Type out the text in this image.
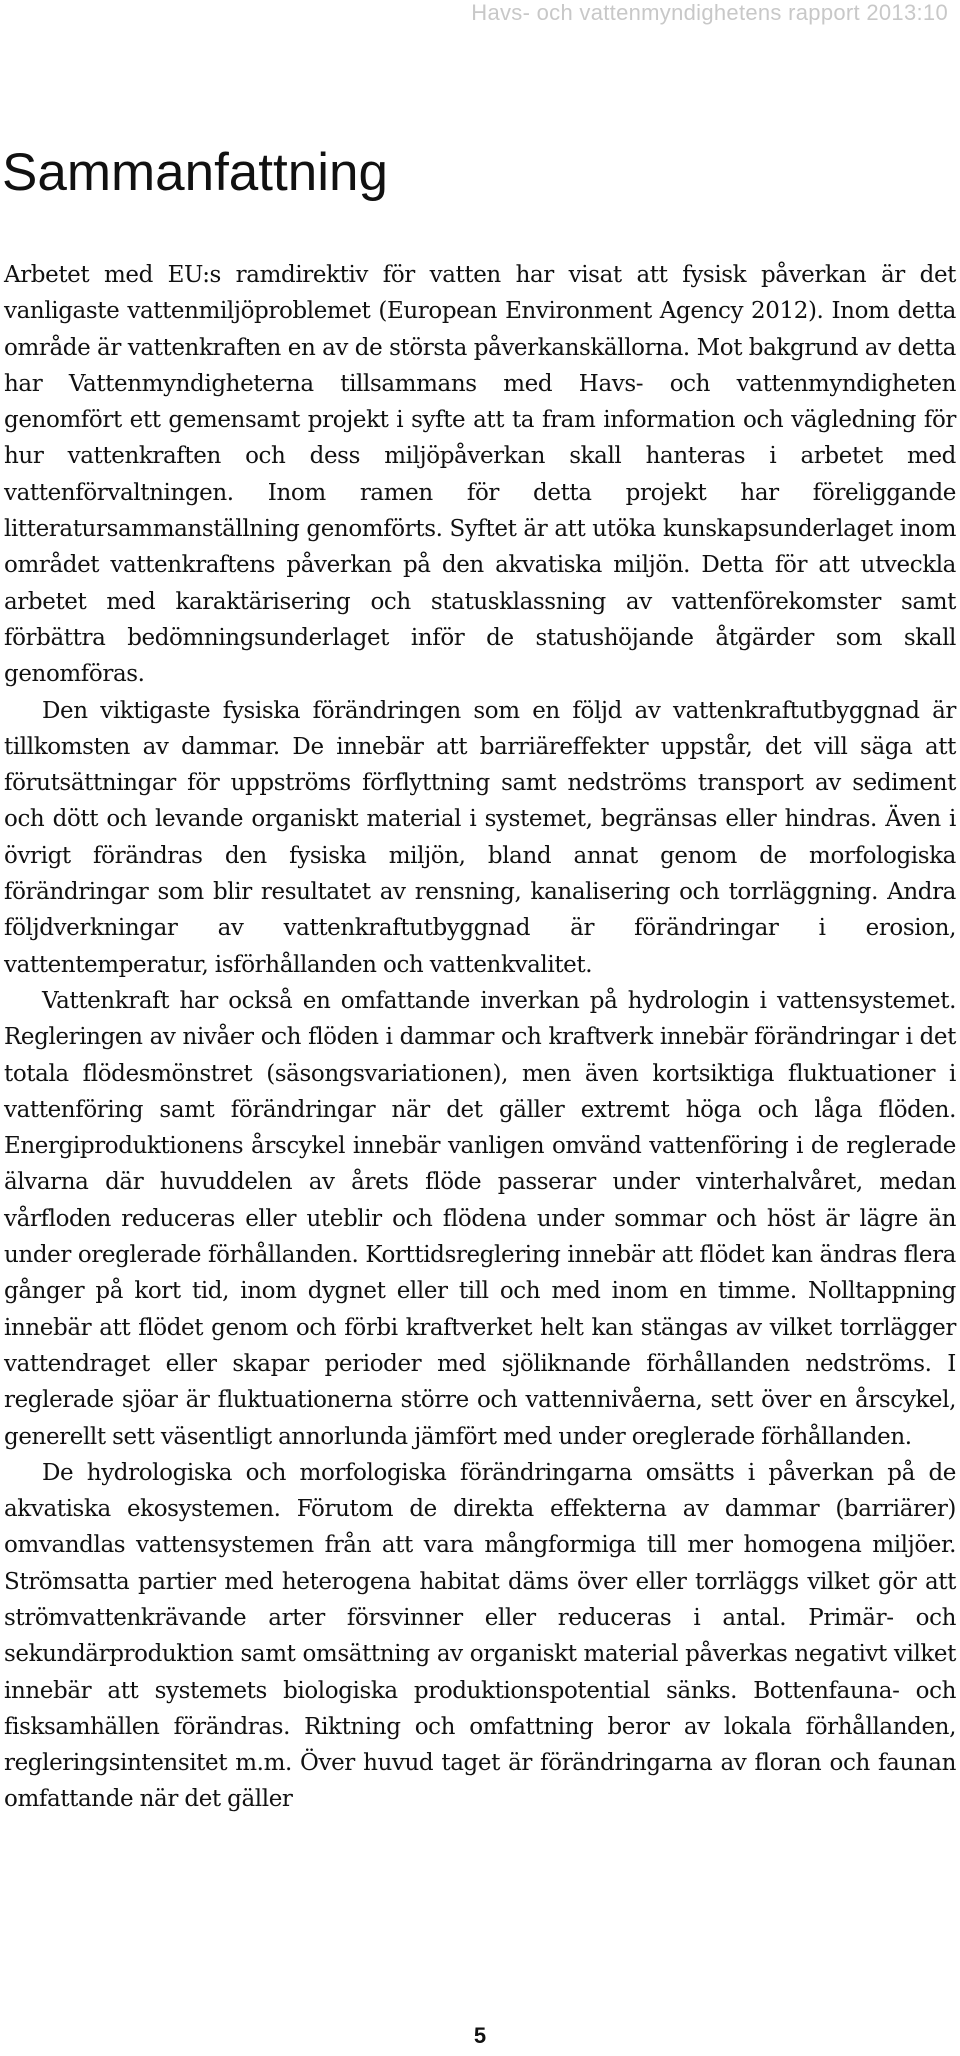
Havs- och vattenmyndighetens rapport 2013:10
Sammanfattning

Arbetet med EU:s ramdirektiv för vatten har visat att fysisk påverkan är det vanligaste vattenmiljöproblemet (European Environment Agency 2012). Inom detta område är vattenkraften en av de största påverkanskällorna. Mot bakgrund av detta har Vattenmyndigheterna tillsammans med Havs- och vattenmyndigheten genomfört ett gemensamt projekt i syfte att ta fram information och vägledning för hur vattenkraften och dess miljöpåverkan skall hanteras i arbetet med vattenförvaltningen. Inom ramen för detta projekt har föreliggande litteratursammanställning genomförts. Syftet är att utöka kunskapsunderlaget inom området vattenkraftens påverkan på den akvatiska miljön. Detta för att utveckla arbetet med karaktärisering och statusklassning av vattenförekomster samt förbättra bedömningsunderlaget inför de statushöjande åtgärder som skall genomföras.

Den viktigaste fysiska förändringen som en följd av vattenkraftutbyggnad är tillkomsten av dammar. De innebär att barriäreffekter uppstår, det vill säga att förutsättningar för uppströms förflyttning samt nedströms transport av sediment och dött och levande organiskt material i systemet, begränsas eller hindras. Även i övrigt förändras den fysiska miljön, bland annat genom de morfologiska förändringar som blir resultatet av rensning, kanalisering och torrläggning. Andra följdverkningar av vattenkraftutbyggnad är förändringar i erosion, vattentemperatur, isförhållanden och vattenkvalitet.

Vattenkraft har också en omfattande inverkan på hydrologin i vattensystemet. Regleringen av nivåer och flöden i dammar och kraftverk innebär förändringar i det totala flödesmönstret (säsongsvariationen), men även kortsiktiga fluktuationer i vattenföring samt förändringar när det gäller extremt höga och låga flöden. Energiproduktionens årscykel innebär vanligen omvänd vattenföring i de reglerade älvarna där huvuddelen av årets flöde passerar under vinterhalvåret, medan vårfloden reduceras eller uteblir och flödena under sommar och höst är lägre än under oreglerade förhållanden. Korttidsreglering innebär att flödet kan ändras flera gånger på kort tid, inom dygnet eller till och med inom en timme. Nolltappning innebär att flödet genom och förbi kraftverket helt kan stängas av vilket torrlägger vattendraget eller skapar perioder med sjöliknande förhållanden nedströms. I reglerade sjöar är fluktuationerna större och vattennivåerna, sett över en årscykel, generellt sett väsentligt annorlunda jämfört med under oreglerade förhållanden.

De hydrologiska och morfologiska förändringarna omsätts i påverkan på de akvatiska ekosystemen. Förutom de direkta effekterna av dammar (barriärer) omvandlas vattensystemen från att vara mångformiga till mer homogena miljöer. Strömsatta partier med heterogena habitat däms över eller torrläggs vilket gör att strömvattenkrävande arter försvinner eller reduceras i antal. Primär- och sekundärproduktion samt omsättning av organiskt material påverkas negativt vilket innebär att systemets biologiska produktionspotential sänks. Bottenfauna- och fisksamhällen förändras. Riktning och omfattning beror av lokala förhållanden, regleringsintensitet m.m. Över huvud taget är förändringarna av floran och faunan omfattande när det gäller

5
